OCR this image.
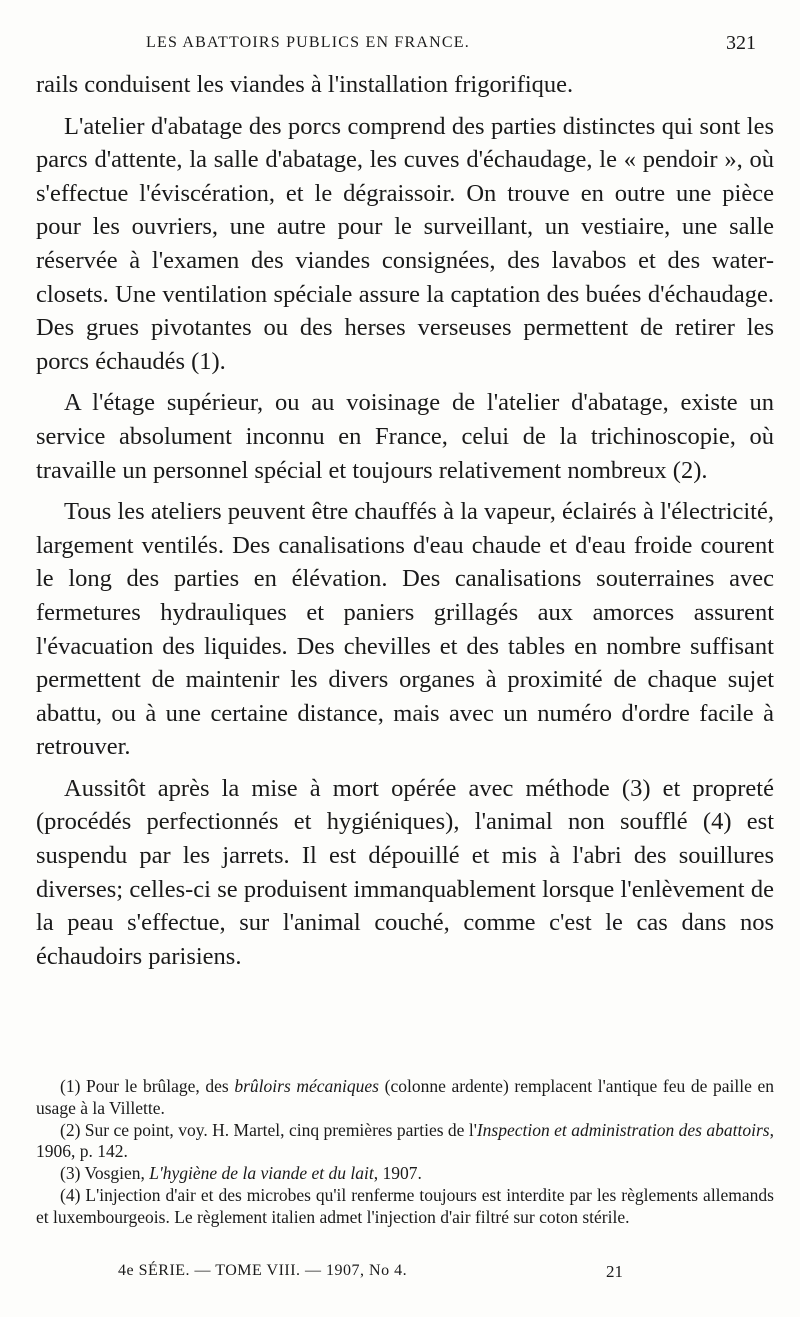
LES ABATTOIRS PUBLICS EN FRANCE.	321

rails conduisent les viandes à l'installation frigorifique.

L'atelier d'abatage des porcs comprend des parties distinctes qui sont les parcs d'attente, la salle d'abatage, les cuves d'échaudage, le « pendoir », où s'effectue l'éviscération, et le dégraissoir. On trouve en outre une pièce pour les ouvriers, une autre pour le surveillant, un vestiaire, une salle réservée à l'examen des viandes consignées, des lavabos et des water-closets. Une ventilation spéciale assure la captation des buées d'échaudage. Des grues pivotantes ou des herses verseuses permettent de retirer les porcs échaudés (1).

A l'étage supérieur, ou au voisinage de l'atelier d'abatage, existe un service absolument inconnu en France, celui de la trichinoscopie, où travaille un personnel spécial et toujours relativement nombreux (2).

Tous les ateliers peuvent être chauffés à la vapeur, éclairés à l'électricité, largement ventilés. Des canalisations d'eau chaude et d'eau froide courent le long des parties en élévation. Des canalisations souterraines avec fermetures hydrauliques et paniers grillagés aux amorces assurent l'évacuation des liquides. Des chevilles et des tables en nombre suffisant permettent de maintenir les divers organes à proximité de chaque sujet abattu, ou à une certaine distance, mais avec un numéro d'ordre facile à retrouver.

Aussitôt après la mise à mort opérée avec méthode (3) et propreté (procédés perfectionnés et hygiéniques), l'animal non soufflé (4) est suspendu par les jarrets. Il est dépouillé et mis à l'abri des souillures diverses; celles-ci se produisent immanquablement lorsque l'enlèvement de la peau s'effectue, sur l'animal couché, comme c'est le cas dans nos échaudoirs parisiens.

(1) Pour le brûlage, des brûloirs mécaniques (colonne ardente) remplacent l'antique feu de paille en usage à la Villette.

(2) Sur ce point, voy. H. Martel, cinq premières parties de l'Inspection et administration des abattoirs, 1906, p. 142.

(3) Vosgien, L'hygiène de la viande et du lait, 1907.

(4) L'injection d'air et des microbes qu'il renferme toujours est interdite par les règlements allemands et luxembourgeois. Le règlement italien admet l'injection d'air filtré sur coton stérile.

4e SÉRIE. — TOME VIII. — 1907, No 4.	21
